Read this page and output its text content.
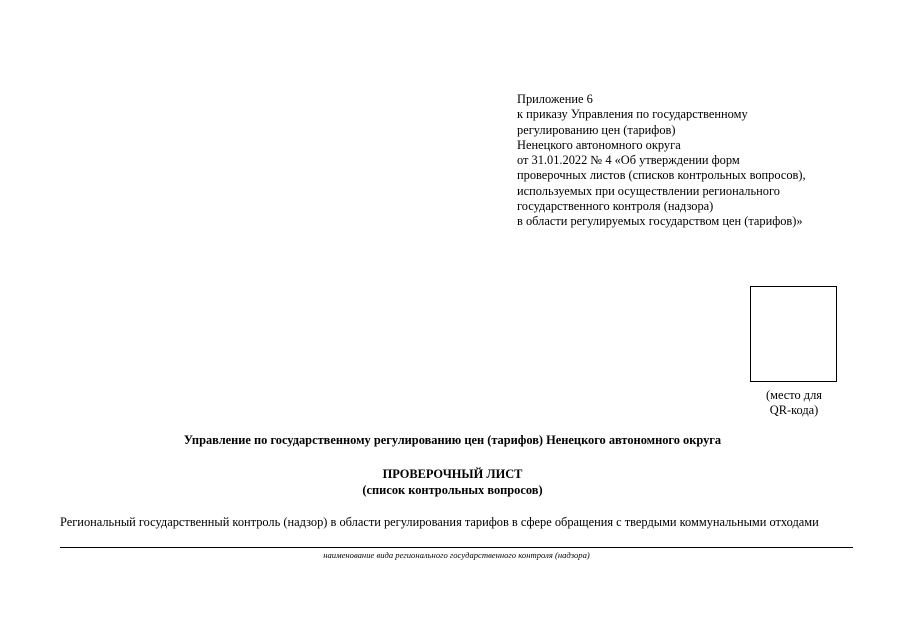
Приложение 6
к приказу Управления по государственному
регулированию цен (тарифов)
Ненецкого автономного округа
от 31.01.2022 № 4 «Об утверждении форм
проверочных листов (списков контрольных вопросов),
используемых при осуществлении регионального
государственного контроля (надзора)
в области регулируемых государством цен (тарифов)»
(место для
QR-кода)
Управление по государственному регулированию цен (тарифов) Ненецкого автономного округа
ПРОВЕРОЧНЫЙ ЛИСТ
(список контрольных вопросов)
Региональный государственный контроль (надзор) в области регулирования тарифов в сфере обращения с твердыми коммунальными отходами
наименование вида регионального государственного контроля (надзора)
